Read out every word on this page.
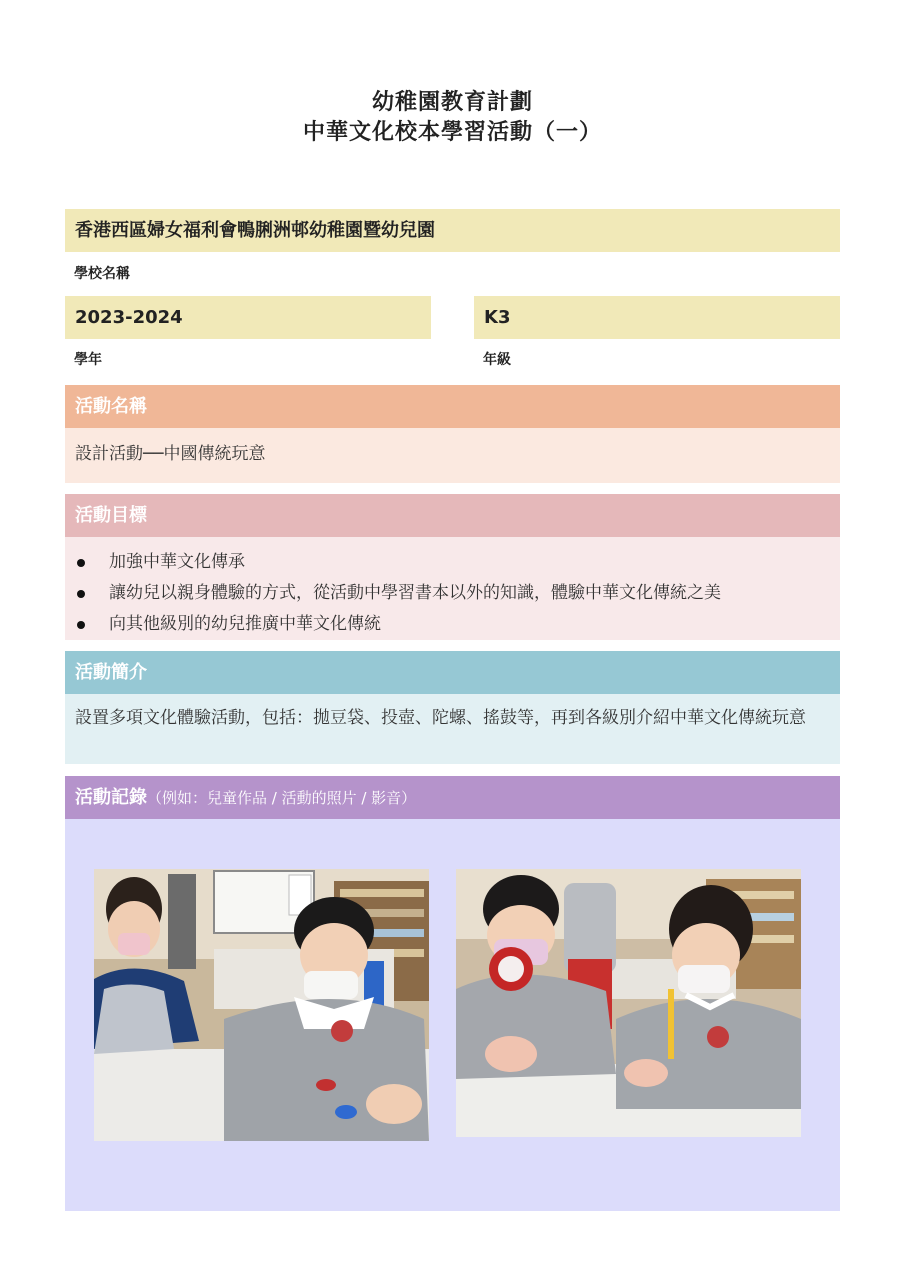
幼稚園教育計劃
中華文化校本學習活動（一）
香港西區婦女福利會鴨脷洲邨幼稚園暨幼兒園
學校名稱
2023-2024
學年
K3
年級
活動名稱
設計活動──中國傳統玩意
活動目標
加強中華文化傳承
讓幼兒以親身體驗的方式，從活動中學習書本以外的知識，體驗中華文化傳統之美
向其他級別的幼兒推廣中華文化傳統
活動簡介
設置多項文化體驗活動，包括：拋豆袋、投壺、陀螺、搖鼓等，再到各級別介紹中華文化傳統玩意
活動記錄（例如：兒童作品 / 活動的照片 / 影音）
